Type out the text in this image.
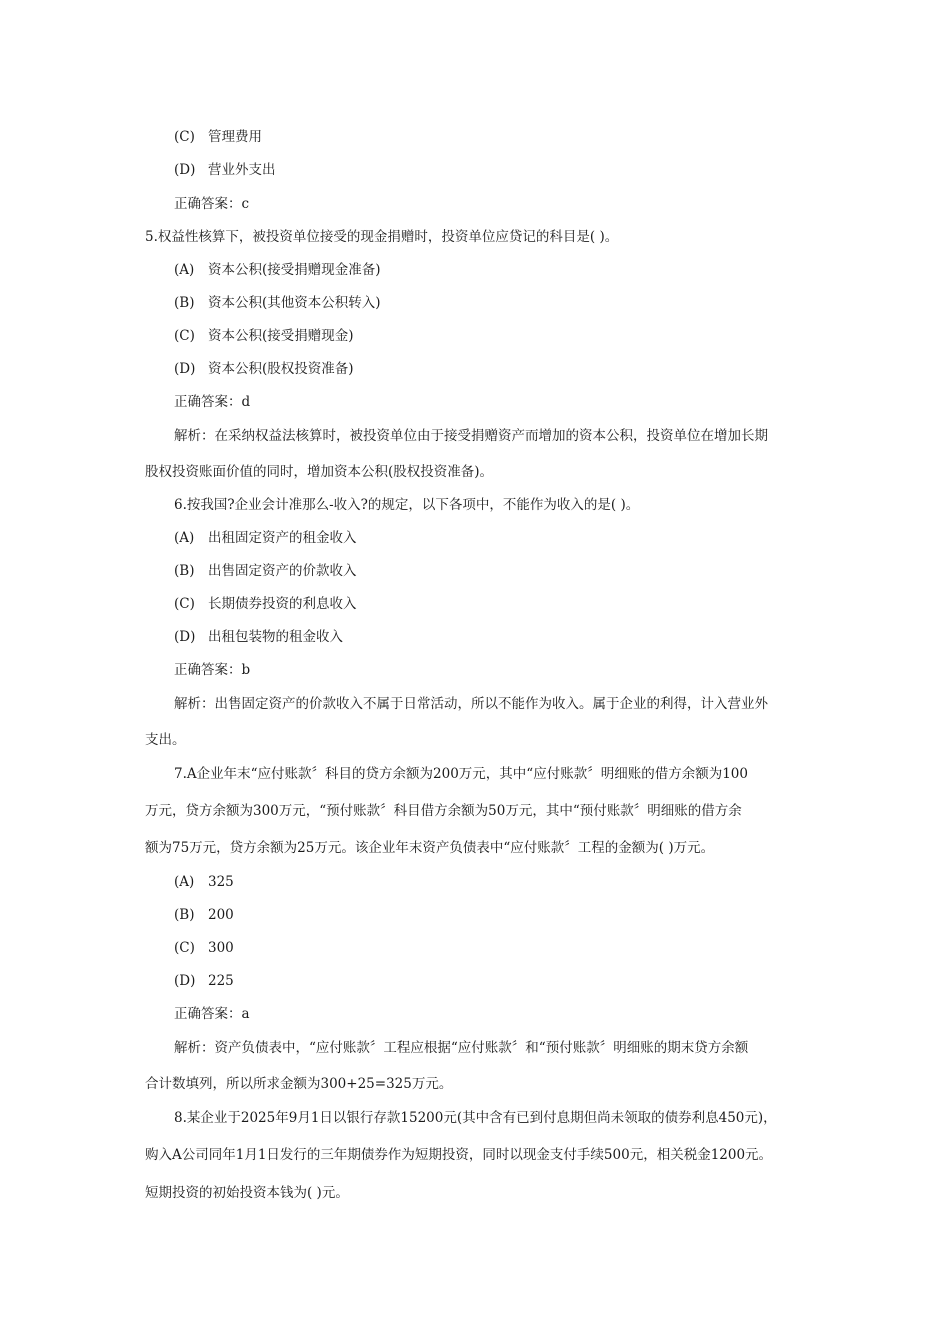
(C) 管理费用
(D) 营业外支出
正确答案：c
5.权益性核算下，被投资单位接受的现金捐赠时，投资单位应贷记的科目是( )。
(A) 资本公积(接受捐赠现金准备)
(B) 资本公积(其他资本公积转入)
(C) 资本公积(接受捐赠现金)
(D) 资本公积(股权投资准备)
正确答案：d
解析：在采纳权益法核算时，被投资单位由于接受捐赠资产而增加的资本公积，投资单位在增加长期
股权投资账面价值的同时，增加资本公积(股权投资准备)。
6.按我国?企业会计准那么-收入?的规定，以下各项中，不能作为收入的是( )。
(A) 出租固定资产的租金收入
(B) 出售固定资产的价款收入
(C) 长期债券投资的利息收入
(D) 出租包装物的租金收入
正确答案：b
解析：出售固定资产的价款收入不属于日常活动，所以不能作为收入。属于企业的利得，计入营业外
支出。
7.A企业年末“应付账款〞科目的贷方余额为200万元，其中“应付账款〞明细账的借方余额为100
万元，贷方余额为300万元，“预付账款〞科目借方余额为50万元，其中“预付账款〞明细账的借方余
额为75万元，贷方余额为25万元。该企业年末资产负债表中“应付账款〞工程的金额为( )万元。
(A) 325
(B) 200
(C) 300
(D) 225
正确答案：a
解析：资产负债表中，“应付账款〞工程应根据“应付账款〞和“预付账款〞明细账的期末贷方余额
合计数填列，所以所求金额为300+25=325万元。
8.某企业于2025年9月1日以银行存款15200元(其中含有已到付息期但尚未领取的债券利息450元)，
购入A公司同年1月1日发行的三年期债券作为短期投资，同时以现金支付手续500元，相关税金1200元。
短期投资的初始投资本钱为( )元。
